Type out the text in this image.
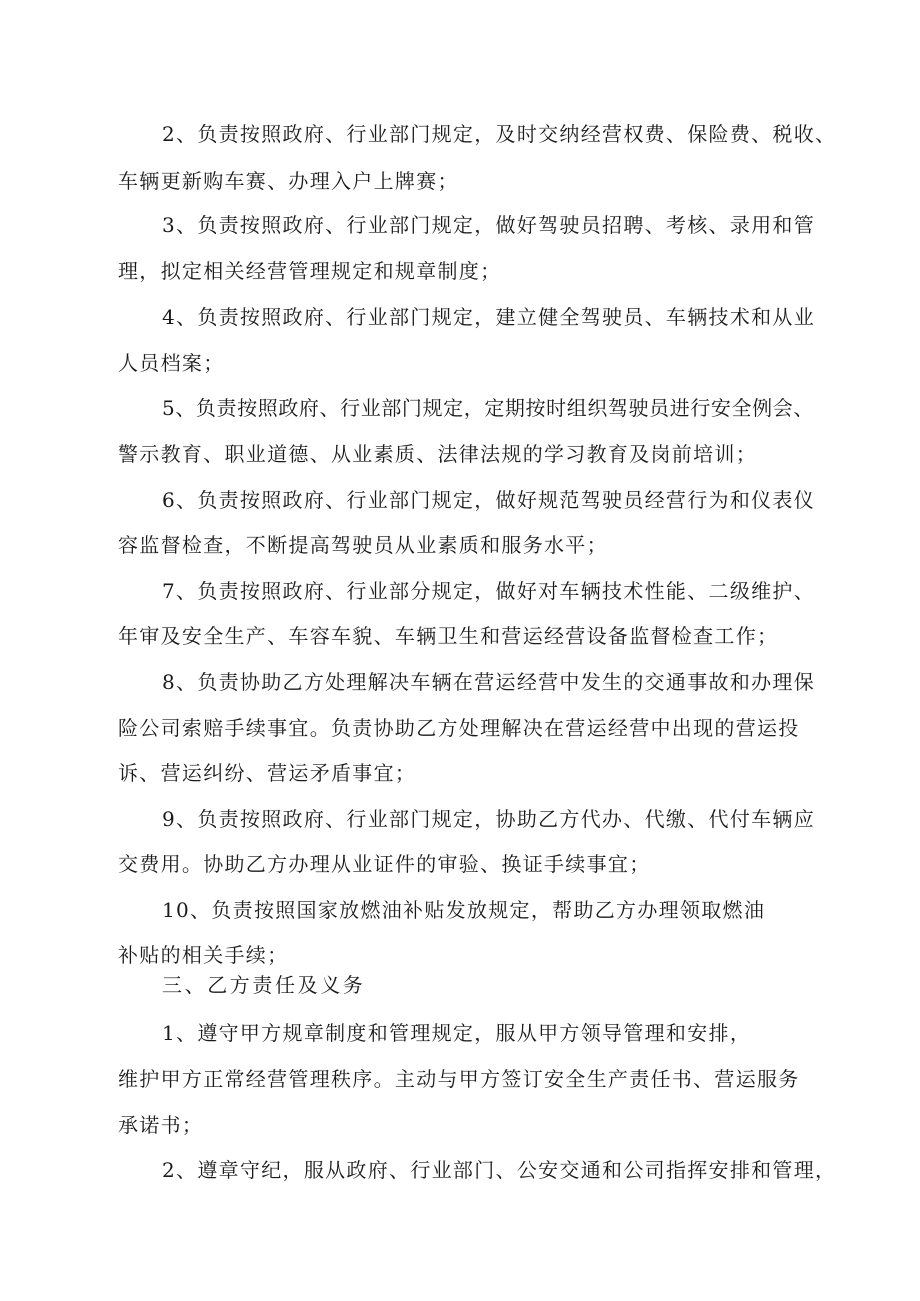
2、负责按照政府、行业部门规定，及时交纳经营权费、保险费、税收、
车辆更新购车赛、办理入户上牌赛；
3、负责按照政府、行业部门规定，做好驾驶员招聘、考核、录用和管
理，拟定相关经营管理规定和规章制度；
4、负责按照政府、行业部门规定，建立健全驾驶员、车辆技术和从业
人员档案；
5、负责按照政府、行业部门规定，定期按时组织驾驶员进行安全例会、
警示教育、职业道德、从业素质、法律法规的学习教育及岗前培训；
6、负责按照政府、行业部门规定，做好规范驾驶员经营行为和仪表仪
容监督检查，不断提高驾驶员从业素质和服务水平；
7、负责按照政府、行业部分规定，做好对车辆技术性能、二级维护、
年审及安全生产、车容车貌、车辆卫生和营运经营设备监督检查工作；
8、负责协助乙方处理解决车辆在营运经营中发生的交通事故和办理保
险公司索赔手续事宜。负责协助乙方处理解决在营运经营中出现的营运投
诉、营运纠纷、营运矛盾事宜；
9、负责按照政府、行业部门规定，协助乙方代办、代缴、代付车辆应
交费用。协助乙方办理从业证件的审验、换证手续事宜；
10、负责按照国家放燃油补贴发放规定，帮助乙方办理领取燃油
补贴的相关手续；
三、乙方责任及义务
1、遵守甲方规章制度和管理规定，服从甲方领导管理和安排，
维护甲方正常经营管理秩序。主动与甲方签订安全生产责任书、营运服务
承诺书；
2、遵章守纪，服从政府、行业部门、公安交通和公司指挥安排和管理，
